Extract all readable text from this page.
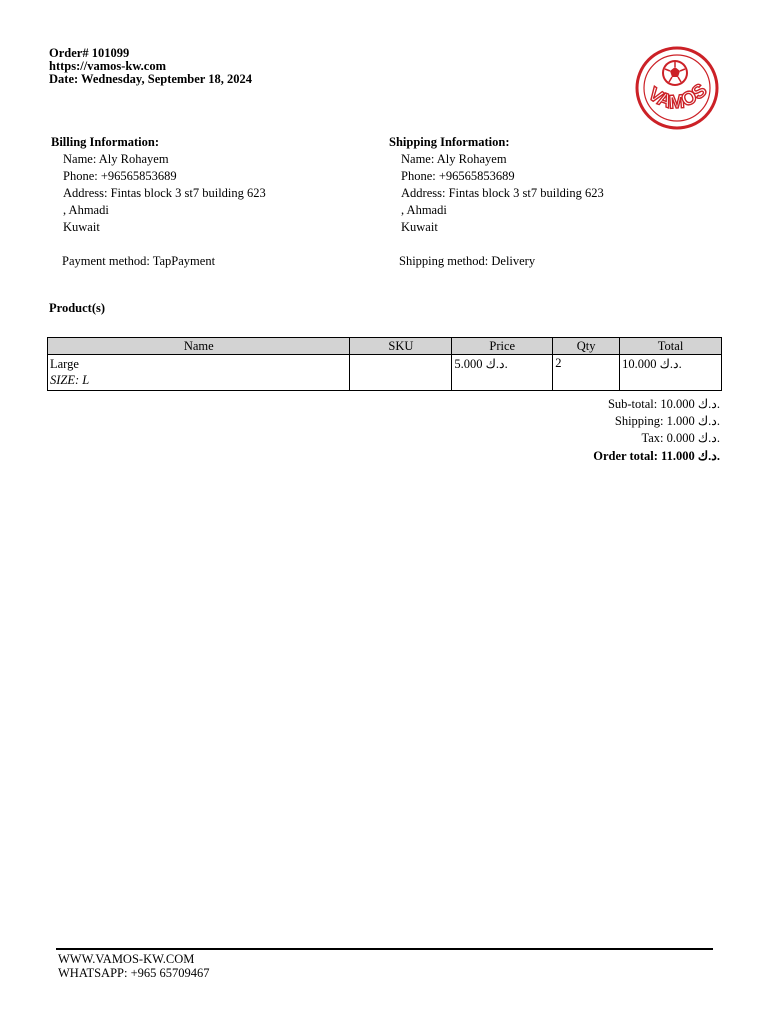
Order# 101099
https://vamos-kw.com
Date: Wednesday, September 18, 2024
VAMOS
Billing Information:
Name: Aly Rohayem
Phone: +96565853689
Address: Fintas block 3 st7 building 623
, Ahmadi
Kuwait
Payment method: TapPayment
Shipping Information:
Name: Aly Rohayem
Phone: +96565853689
Address: Fintas block 3 st7 building 623
, Ahmadi
Kuwait
Shipping method: Delivery
Product(s)
Name	SKU	Price	Qty	Total

Large
SIZE: L		5.000 د.ك.	2	10.000 د.ك.
Sub-total: 10.000 د.ك.
Shipping: 1.000 د.ك.
Tax: 0.000 د.ك.
Order total: 11.000 د.ك.
WWW.VAMOS-KW.COM
WHATSAPP: +965 65709467
